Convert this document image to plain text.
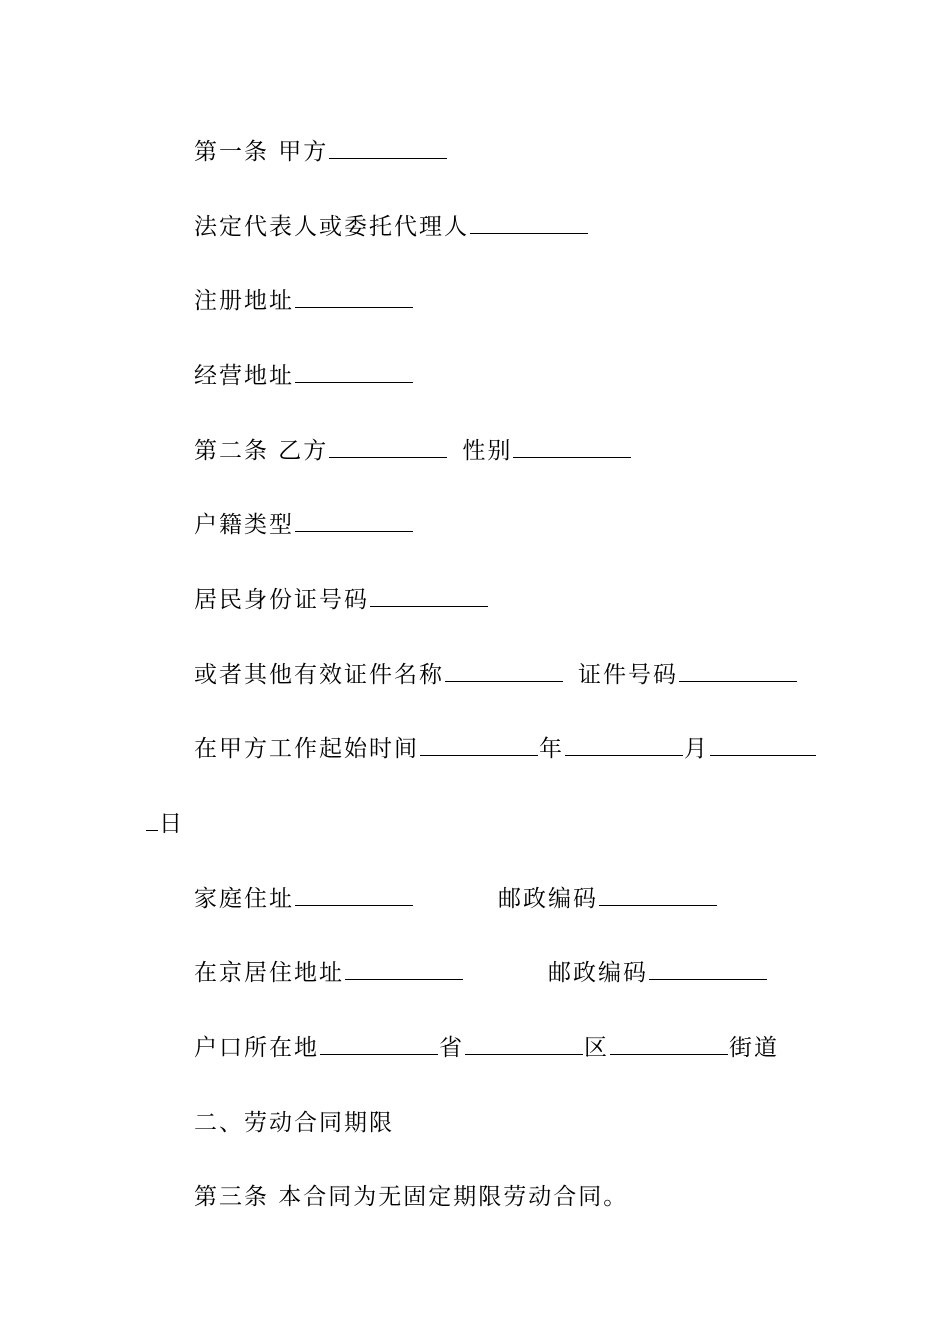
第一条 甲方
法定代表人或委托代理人
注册地址
经营地址
第二条 乙方	性别
户籍类型
居民身份证号码
或者其他有效证件名称	证件号码
在甲方工作起始时间	年	月
日
家庭住址	邮政编码
在京居住地址	邮政编码
户口所在地	省	区	街道
二、劳动合同期限
第三条 本合同为无固定期限劳动合同。
